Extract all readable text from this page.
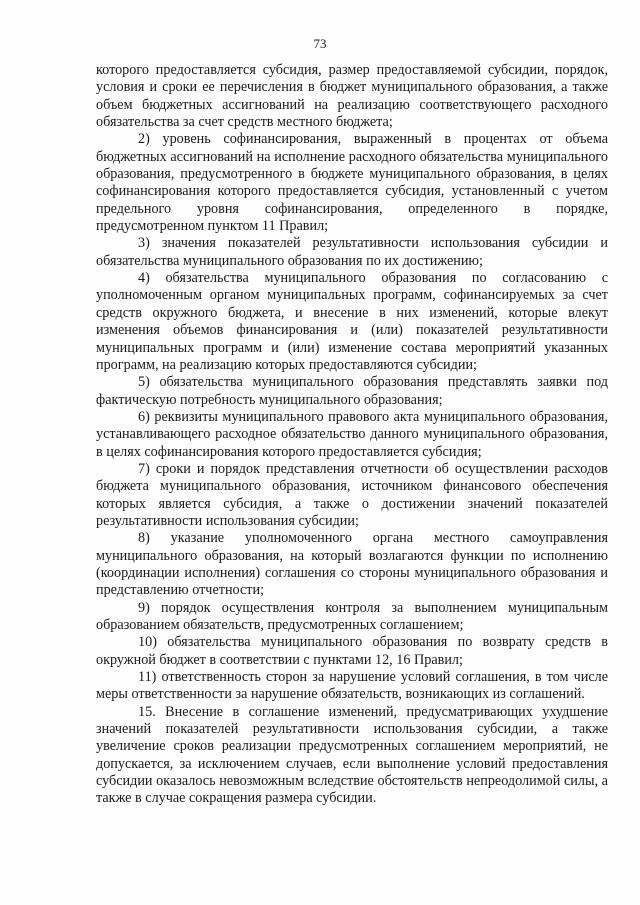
73

которого предоставляется субсидия, размер предоставляемой субсидии, порядок, условия и сроки ее перечисления в бюджет муниципального образования, а также объем бюджетных ассигнований на реализацию соответствующего расходного обязательства за счет средств местного бюджета;

2) уровень софинансирования, выраженный в процентах от объема бюджетных ассигнований на исполнение расходного обязательства муниципального образования, предусмотренного в бюджете муниципального образования, в целях софинансирования которого предоставляется субсидия, установленный с учетом предельного уровня софинансирования, определенного в порядке, предусмотренном пунктом 11 Правил;

3) значения показателей результативности использования субсидии и обязательства муниципального образования по их достижению;

4) обязательства муниципального образования по согласованию с уполномоченным органом муниципальных программ, софинансируемых за счет средств окружного бюджета, и внесение в них изменений, которые влекут изменения объемов финансирования и (или) показателей результативности муниципальных программ и (или) изменение состава мероприятий указанных программ, на реализацию которых предоставляются субсидии;

5) обязательства муниципального образования представлять заявки под фактическую потребность муниципального образования;

6) реквизиты муниципального правового акта муниципального образования, устанавливающего расходное обязательство данного муниципального образования, в целях софинансирования которого предоставляется субсидия;

7) сроки и порядок представления отчетности об осуществлении расходов бюджета муниципального образования, источником финансового обеспечения которых является субсидия, а также о достижении значений показателей результативности использования субсидии;

8) указание уполномоченного органа местного самоуправления муниципального образования, на который возлагаются функции по исполнению (координации исполнения) соглашения со стороны муниципального образования и представлению отчетности;

9) порядок осуществления контроля за выполнением муниципальным образованием обязательств, предусмотренных соглашением;

10) обязательства муниципального образования по возврату средств в окружной бюджет в соответствии с пунктами 12, 16 Правил;

11) ответственность сторон за нарушение условий соглашения, в том числе меры ответственности за нарушение обязательств, возникающих из соглашений.

15. Внесение в соглашение изменений, предусматривающих ухудшение значений показателей результативности использования субсидии, а также увеличение сроков реализации предусмотренных соглашением мероприятий, не допускается, за исключением случаев, если выполнение условий предоставления субсидии оказалось невозможным вследствие обстоятельств непреодолимой силы, а также в случае сокращения размера субсидии.
